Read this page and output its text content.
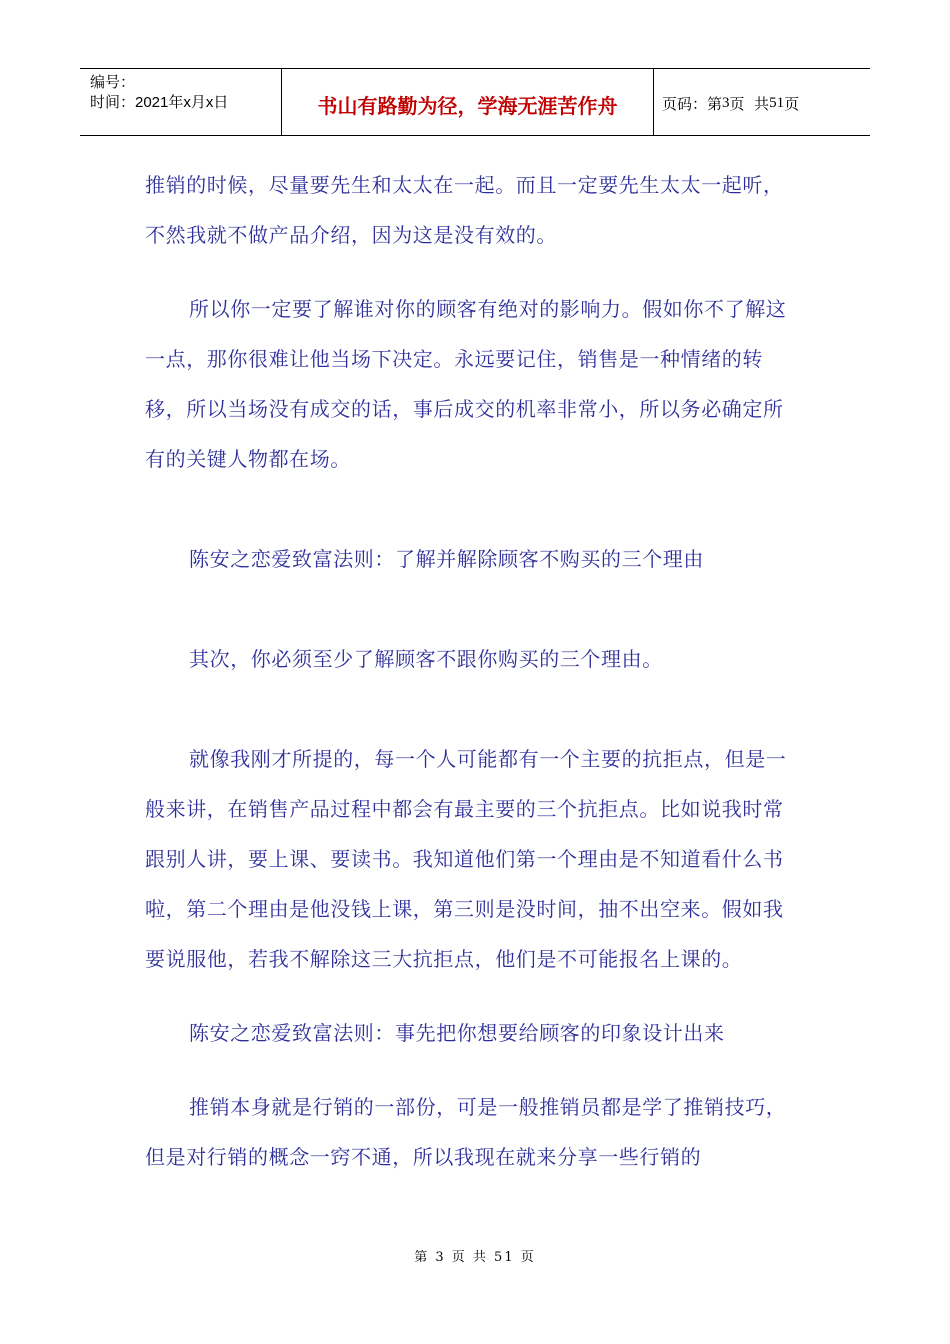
编号：
时间：2021年x月x日	书山有路勤为径，学海无涯苦作舟	页码：第 3 页  共 51 页

推销的时候，尽量要先生和太太在一起。而且一定要先生太太一起听，不然我就不做产品介绍，因为这是没有效的。

所以你一定要了解谁对你的顾客有绝对的影响力。假如你不了解这一点，那你很难让他当场下决定。永远要记住，销售是一种情绪的转移，所以当场没有成交的话，事后成交的机率非常小，所以务必确定所有的关键人物都在场。

陈安之恋爱致富法则：了解并解除顾客不购买的三个理由

其次，你必须至少了解顾客不跟你购买的三个理由。

就像我刚才所提的，每一个人可能都有一个主要的抗拒点，但是一般来讲，在销售产品过程中都会有最主要的三个抗拒点。比如说我时常跟别人讲，要上课、要读书。我知道他们第一个理由是不知道看什么书啦，第二个理由是他没钱上课，第三则是没时间，抽不出空来。假如我要说服他，若我不解除这三大抗拒点，他们是不可能报名上课的。

陈安之恋爱致富法则：事先把你想要给顾客的印象设计出来

推销本身就是行销的一部份，可是一般推销员都是学了推销技巧，但是对行销的概念一窍不通，所以我现在就来分享一些行销的

第 3 页 共 51 页
